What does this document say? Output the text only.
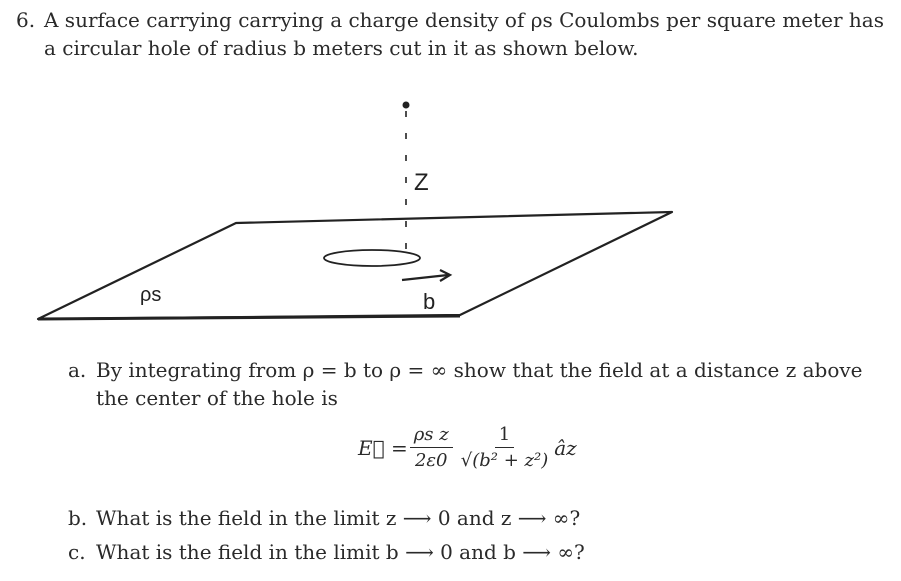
6. A surface carrying carrying a charge density of ρs Coulombs per square meter has
a circular hole of radius b meters cut in it as shown below.
Z
ρs	b
a. By integrating from ρ = b to ρ = ∞ show that the field at a distance z above
the center of the hole is
E⃗ = $\frac{\text{ρs z}}{2\varepsilon 0} \frac{1}{\text{√(b² + z²)}}$ âz
b. What is the field in the limit z ⟶ 0 and z ⟶ ∞?
c. What is the field in the limit b ⟶ 0 and b ⟶ ∞?
